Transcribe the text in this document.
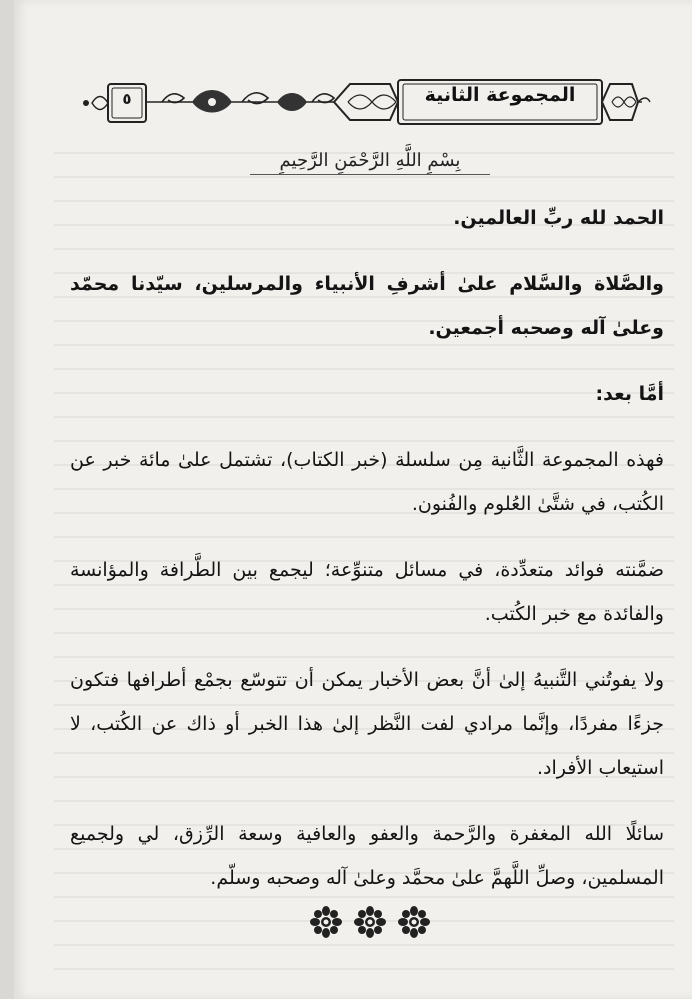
٥	المجموعة الثانية
بِسْمِ اللَّهِ الرَّحْمَنِ الرَّحِيمِ

الحمد لله ربِّ العالمين.

والصَّلاة والسَّلام علىٰ أشرفِ الأنبياء والمرسلين، سيّدنا محمّد وعلىٰ آله وصحبه أجمعين.

أمَّا بعد:

فهذه المجموعة الثَّانية مِن سلسلة (خبر الكتاب)، تشتمل علىٰ مائة خبر عن الكُتب، في شتَّىٰ العُلوم والفُنون.

ضمَّنته فوائد متعدِّدة، في مسائل متنوِّعة؛ ليجمع بين الطَّرافة والمؤانسة والفائدة مع خبر الكُتب.

ولا يفوتُني التَّنبيهُ إلىٰ أنَّ بعض الأخبار يمكن أن تتوسّع بجمْع أطرافها فتكون جزءًا مفردًا، وإنَّما مرادي لفت النَّظر إلىٰ هذا الخبر أو ذاك عن الكُتب، لا استيعاب الأفراد.

سائلًا الله المغفرة والرَّحمة والعفو والعافية وسعة الرِّزق، لي ولجميع المسلمين، وصلِّ اللَّهمَّ علىٰ محمَّد وعلىٰ آله وصحبه وسلّم.
